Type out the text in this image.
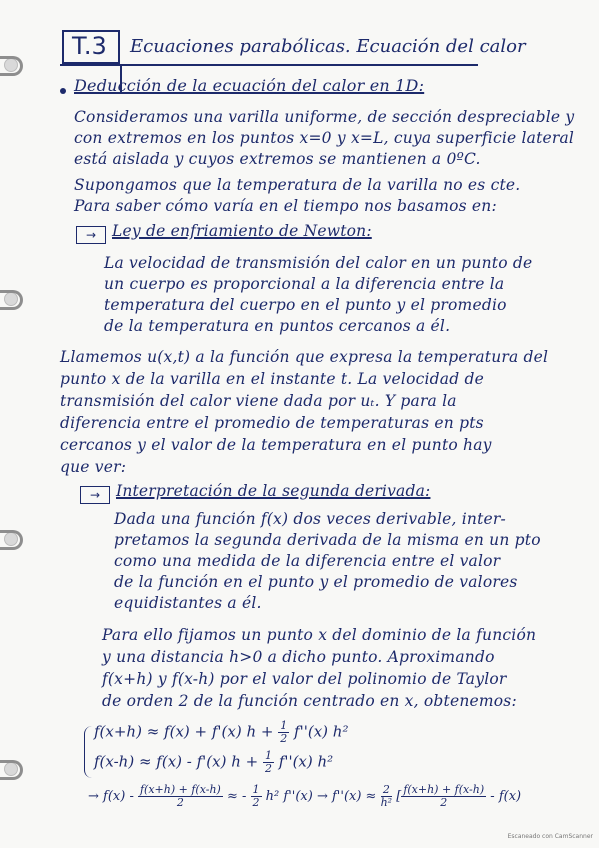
T.3 Ecuaciones parabólicas. Ecuación del calor
Deducción de la ecuación del calor en 1D:
Consideramos una varilla uniforme, de sección despreciable y
con extremos en los puntos x=0 y x=L, cuya superficie lateral
está aislada y cuyos extremos se mantienen a 0ºC.
Supongamos que la temperatura de la varilla no es cte.
Para saber cómo varía en el tiempo nos basamos en:
→	Ley de enfriamiento de Newton:
La velocidad de transmisión del calor en un punto de
un cuerpo es proporcional a la diferencia entre la
temperatura del cuerpo en el punto y el promedio
de la temperatura en puntos cercanos a él.
Llamemos u(x,t) a la función que expresa la temperatura del
punto x de la varilla en el instante t. La velocidad de
transmisión del calor viene dada por uₜ. Y para la
diferencia entre el promedio de temperaturas en pts
cercanos y el valor de la temperatura en el punto hay
que ver:
→	Interpretación de la segunda derivada:
Dada una función f(x) dos veces derivable, inter-
pretamos la segunda derivada de la misma en un pto
como una medida de la diferencia entre el valor
de la función en el punto y el promedio de valores
equidistantes a él.
Para ello fijamos un punto x del dominio de la función
y una distancia h>0 a dicho punto. Aproximando
f(x+h) y f(x-h) por el valor del polinomio de Taylor
de orden 2 de la función centrado en x, obtenemos:
f(x+h) ≈ f(x) + f'(x) $h + \frac{1}{2} f''(x)$ h²
f(x-h) ≈ f(x) - f'(x) $h + \frac{1}{2} f''(x)$ h²
→ $f(x) - \frac{f(x+h) + f(x-h)}{2}$ ≈ - $\frac{1}{2} h^2$ $f''(x) \to f''(x) \approx \frac{2}{\text{h²}}$ [ $\frac{f(x+h) + f(x-h)}{2} - f(x)$
Escaneado con CamScanner
